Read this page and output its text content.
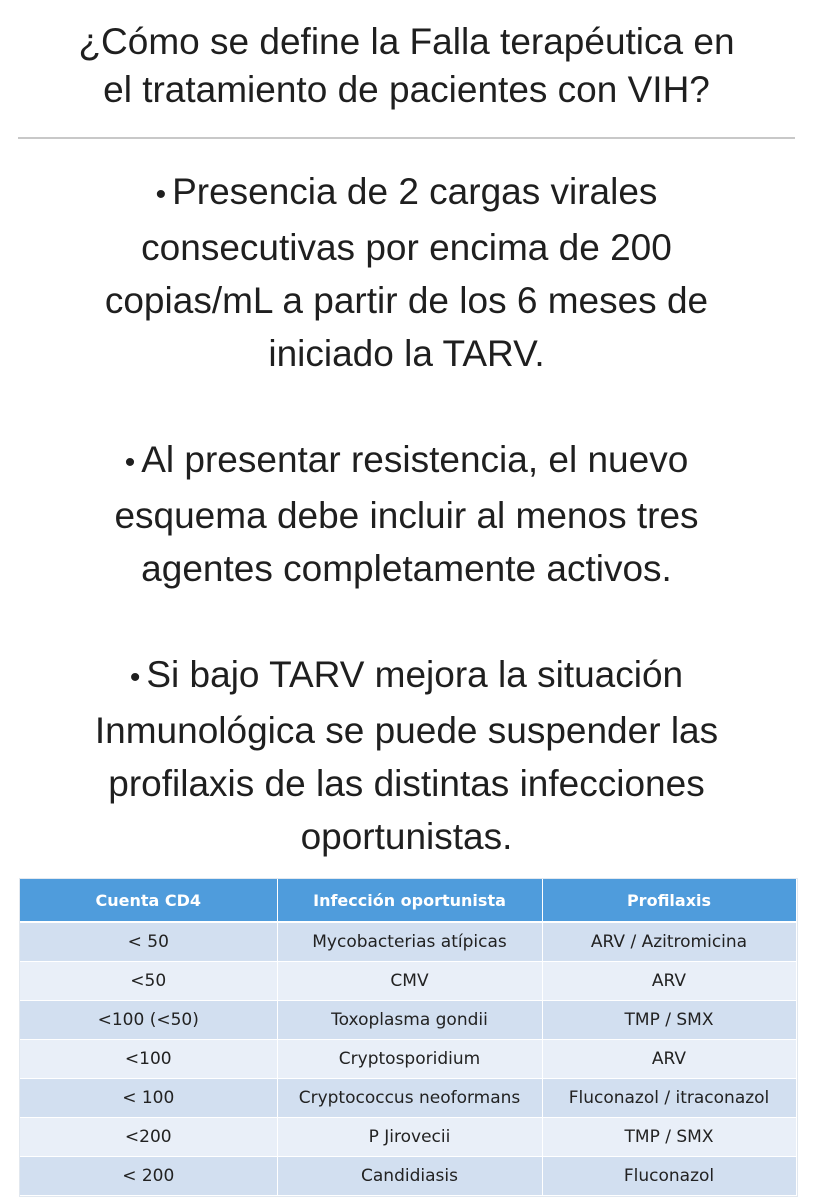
¿Cómo se define la Falla terapéutica en
el tratamiento de pacientes con VIH?
• Presencia de 2 cargas virales
consecutivas por encima de 200
copias/mL a partir de los 6 meses de
iniciado la TARV.
• Al presentar resistencia, el nuevo
esquema debe incluir al menos tres
agentes completamente activos.
• Si bajo TARV mejora la situación
Inmunológica se puede suspender las
profilaxis de las distintas infecciones
oportunistas.
Cuenta CD4	Infección oportunista	Profilaxis
< 50	Mycobacterias atípicas	ARV / Azitromicina
<50	CMV	ARV
<100 (<50)	Toxoplasma gondii	TMP / SMX
<100	Cryptosporidium	ARV
< 100	Cryptococcus neoformans	Fluconazol / itraconazol
<200	P Jirovecii	TMP / SMX
< 200	Candidiasis	Fluconazol
